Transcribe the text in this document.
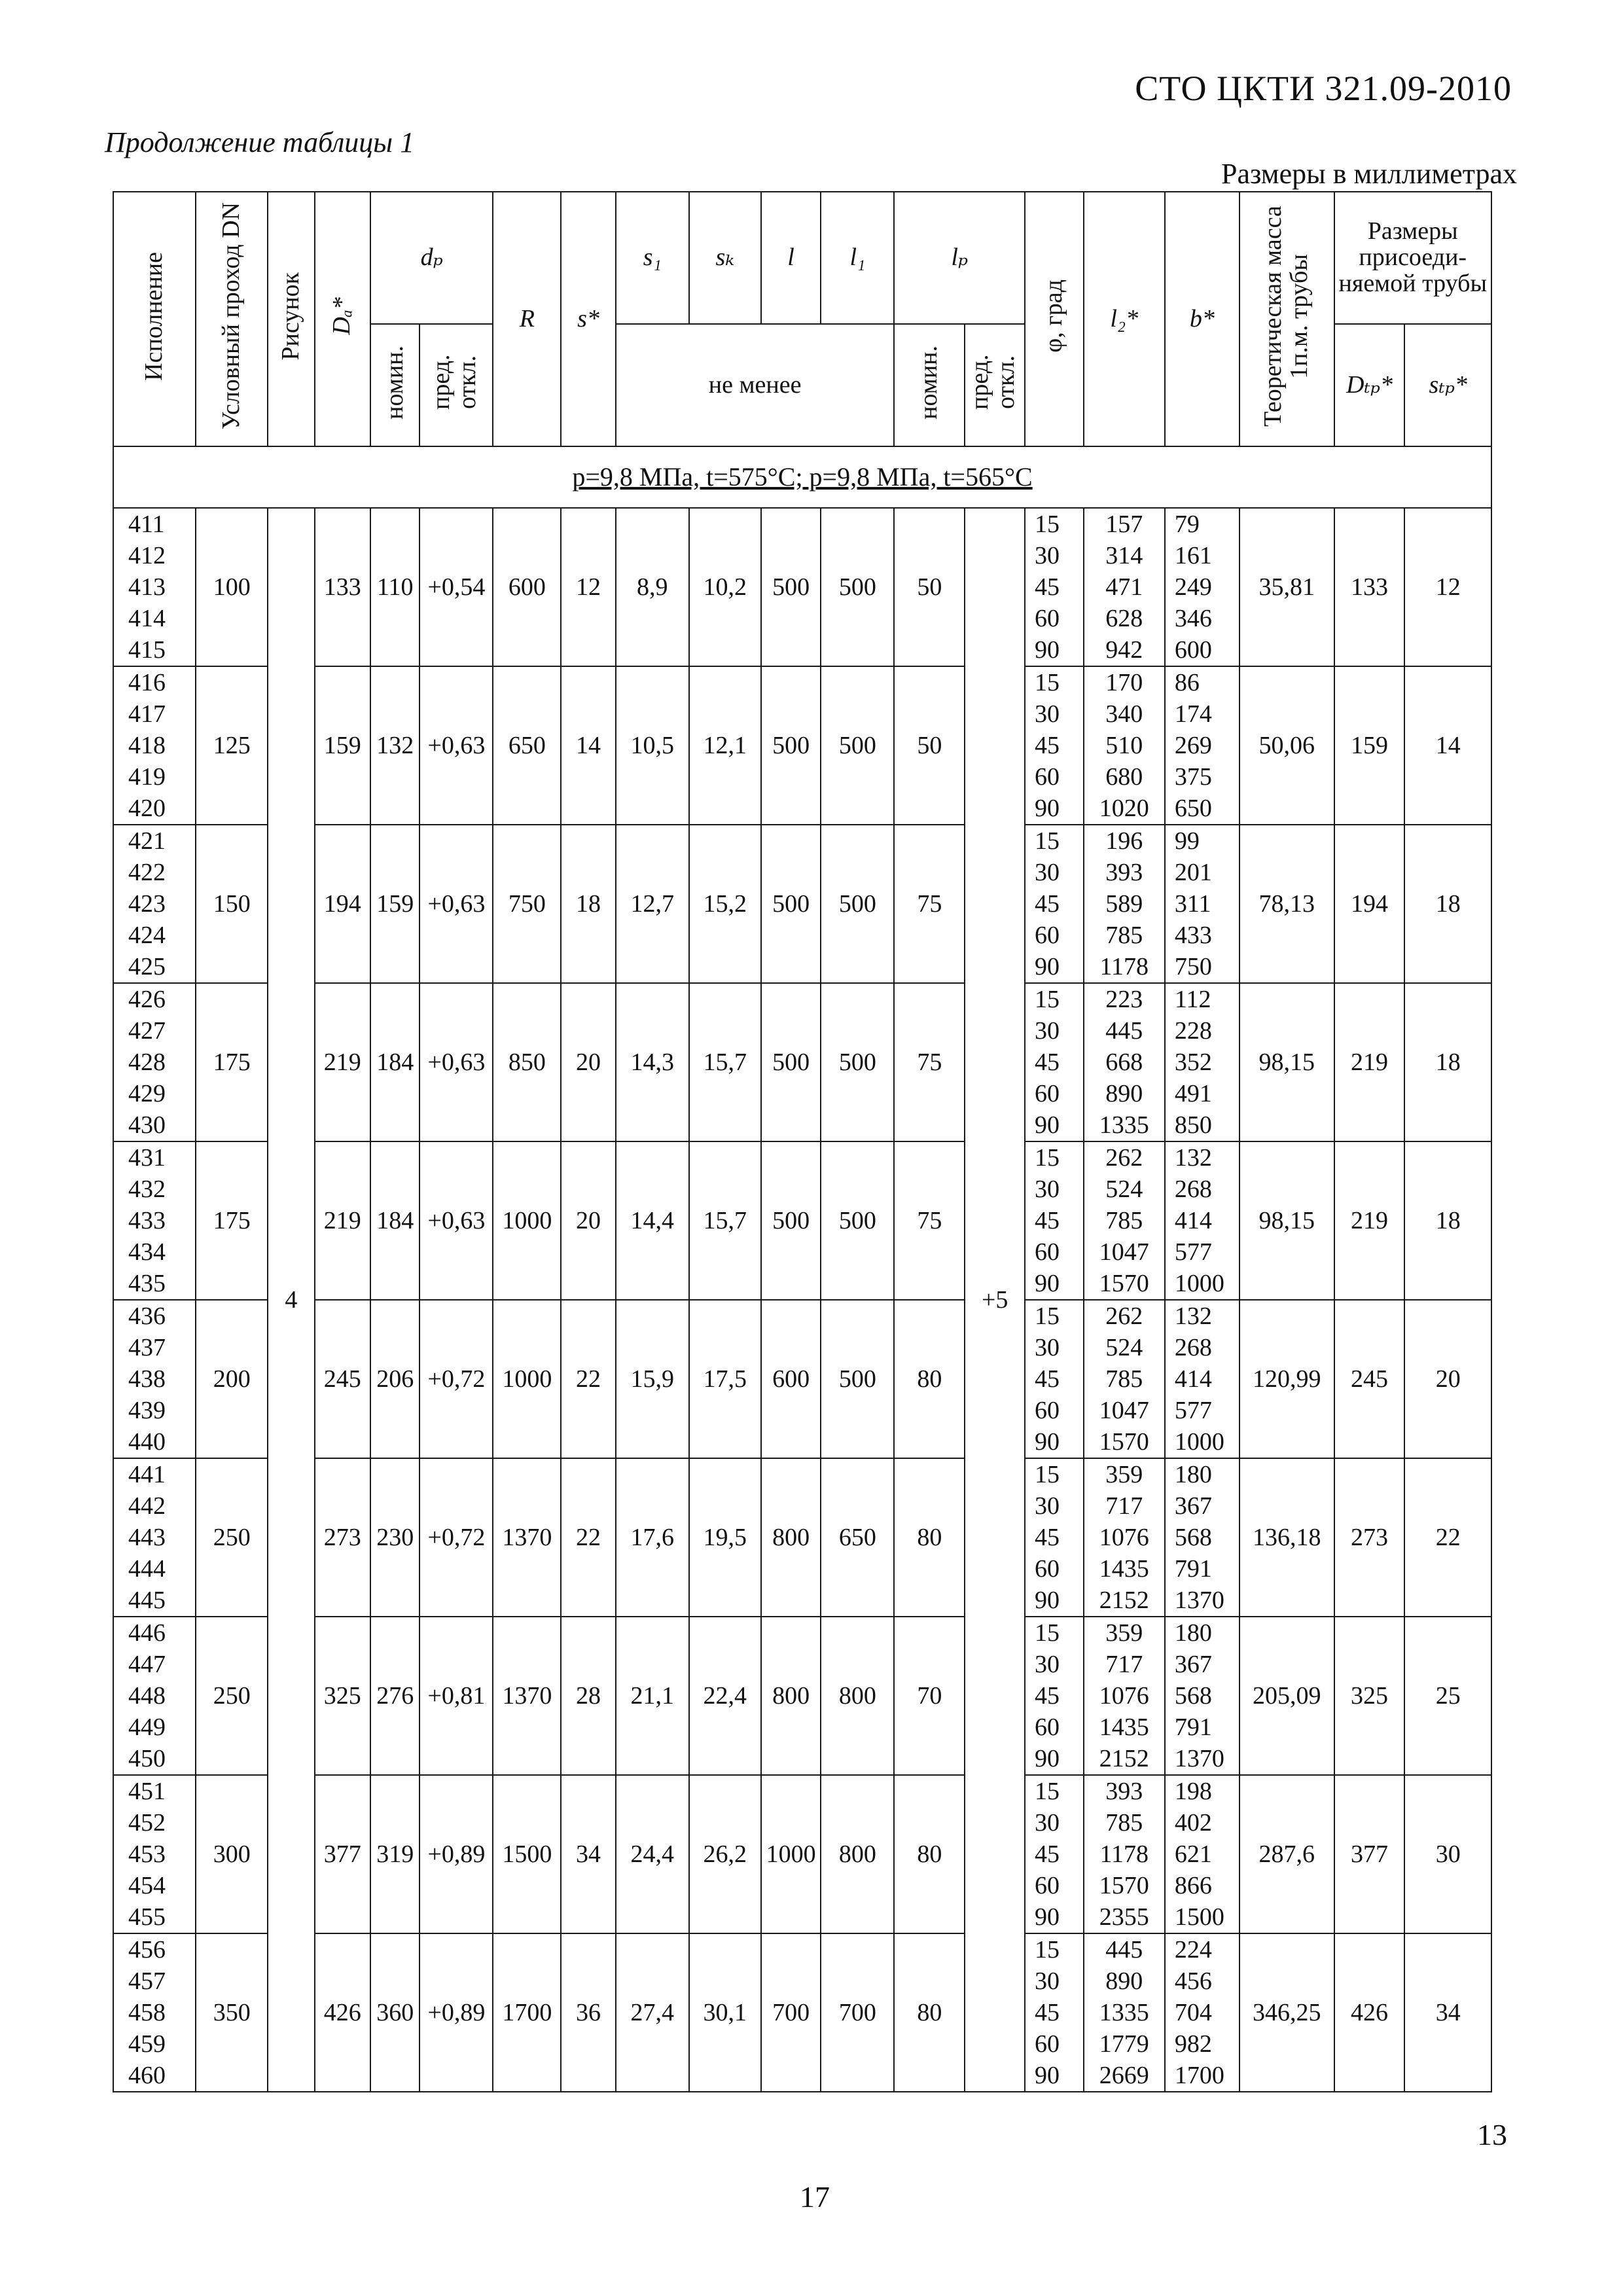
СТО ЦКТИ 321.09-2010
Продолжение таблицы 1
Размеры в миллиметрах
Исполнение	Условный проход DN	Рисунок	Dₐ*	dₚ		R	s*	s₁	sₖ	l	l₁	lₚ		φ, град	l₂*	b*	Теоретическая масса 1п.м. трубы	Размеры присоеди-няемой трубы	
				номин.	пред. откл.			не менее				номин.	пред. откл.					Dₜₚ*	sₜₚ*
р=9,8 МПа, t=575°C; р=9,8 МПа, t=565°C																			
411	100	4	133	110	+0,54	600	12	8,9	10,2	500	500	50	+5	15	157	79	35,81	133	12
412														30	314	161			
413														45	471	249			
414														60	628	346			
415														90	942	600			
416	125		159	132	+0,63	650	14	10,5	12,1	500	500	50		15	170	86	50,06	159	14
417														30	340	174			
418														45	510	269			
419														60	680	375			
420														90	1020	650			
421	150		194	159	+0,63	750	18	12,7	15,2	500	500	75		15	196	99	78,13	194	18
422														30	393	201			
423														45	589	311			
424														60	785	433			
425														90	1178	750			
426	175		219	184	+0,63	850	20	14,3	15,7	500	500	75		15	223	112	98,15	219	18
427														30	445	228			
428														45	668	352			
429														60	890	491			
430														90	1335	850			
431	175		219	184	+0,63	1000	20	14,4	15,7	500	500	75		15	262	132	98,15	219	18
432														30	524	268			
433														45	785	414			
434														60	1047	577			
435														90	1570	1000			
436	200		245	206	+0,72	1000	22	15,9	17,5	600	500	80		15	262	132	120,99	245	20
437														30	524	268			
438														45	785	414			
439														60	1047	577			
440														90	1570	1000			
441	250		273	230	+0,72	1370	22	17,6	19,5	800	650	80		15	359	180	136,18	273	22
442														30	717	367			
443														45	1076	568			
444														60	1435	791			
445														90	2152	1370			
446	250		325	276	+0,81	1370	28	21,1	22,4	800	800	70		15	359	180	205,09	325	25
447														30	717	367			
448														45	1076	568			
449														60	1435	791			
450														90	2152	1370			
451	300		377	319	+0,89	1500	34	24,4	26,2	1000	800	80		15	393	198	287,6	377	30
452														30	785	402			
453														45	1178	621			
454														60	1570	866			
455														90	2355	1500			
456	350		426	360	+0,89	1700	36	27,4	30,1	700	700	80		15	445	224	346,25	426	34
457														30	890	456			
458														45	1335	704			
459														60	1779	982			
460														90	2669	1700			
13
17
